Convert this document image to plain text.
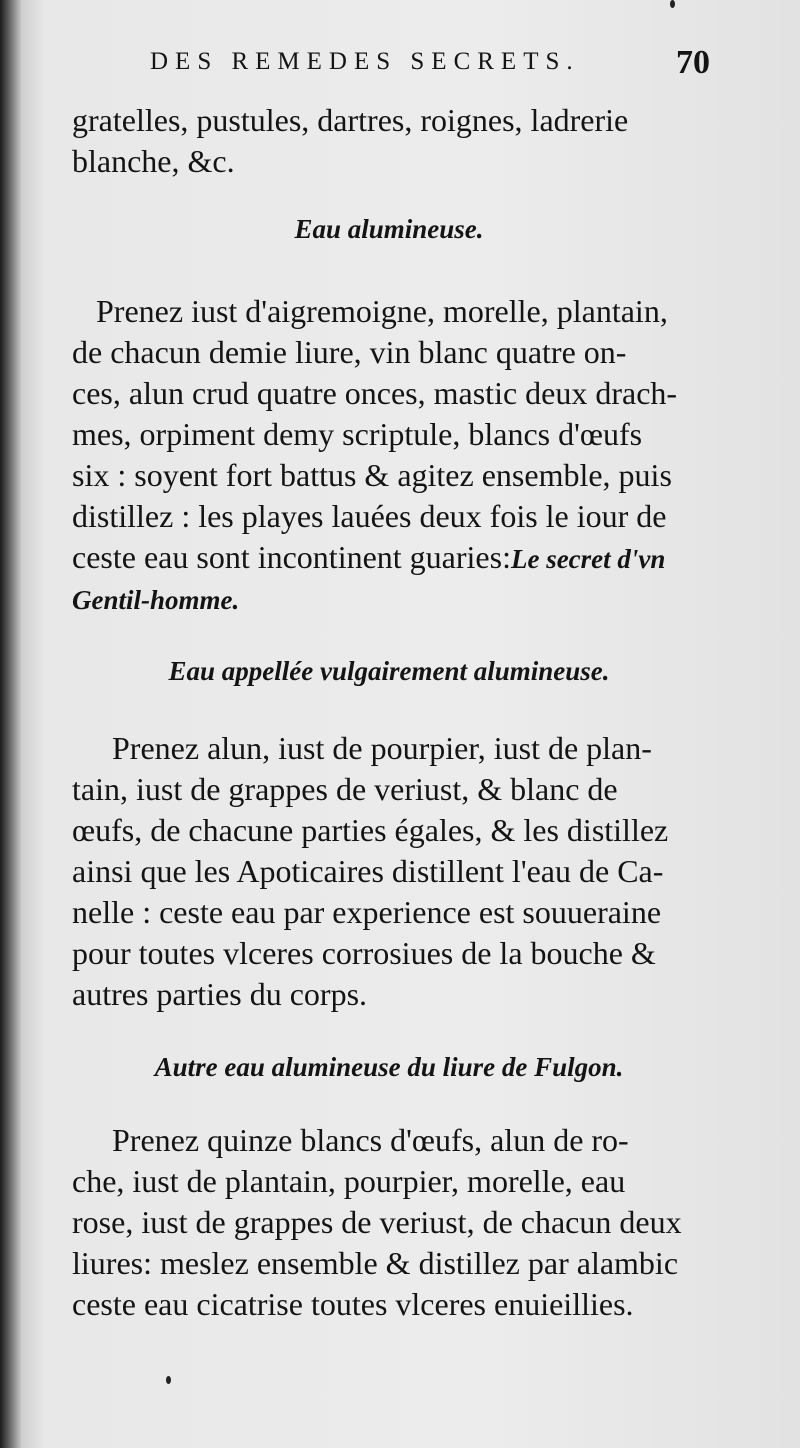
DES REMEDES SECRETS.	70
gratelles, pustules, dartres, roignes, ladrerie
blanche, &c.
Eau alumineuse.
Prenez iust d'aigremoigne, morelle, plantain,
de chacun demie liure, vin blanc quatre on-
ces, alun crud quatre onces, mastic deux drach-
mes, orpiment demy scriptule, blancs d'œufs
six : soyent fort battus & agitez ensemble, puis
distillez : les playes lauées deux fois le iour de
ceste eau sont incontinent guaries:Le secret d'vn
Gentil-homme.
Eau appellée vulgairement alumineuse.
Prenez alun, iust de pourpier, iust de plan-
tain, iust de grappes de veriust, & blanc de
œufs, de chacune parties égales, & les distillez
ainsi que les Apoticaires distillent l'eau de Ca-
nelle : ceste eau par experience est souueraine
pour toutes vlceres corrosiues de la bouche &
autres parties du corps.
Autre eau alumineuse du liure de Fulgon.
Prenez quinze blancs d'œufs, alun de ro-
che, iust de plantain, pourpier, morelle, eau
rose, iust de grappes de veriust, de chacun deux
liures: meslez ensemble & distillez par alambic
ceste eau cicatrise toutes vlceres enuieillies.
